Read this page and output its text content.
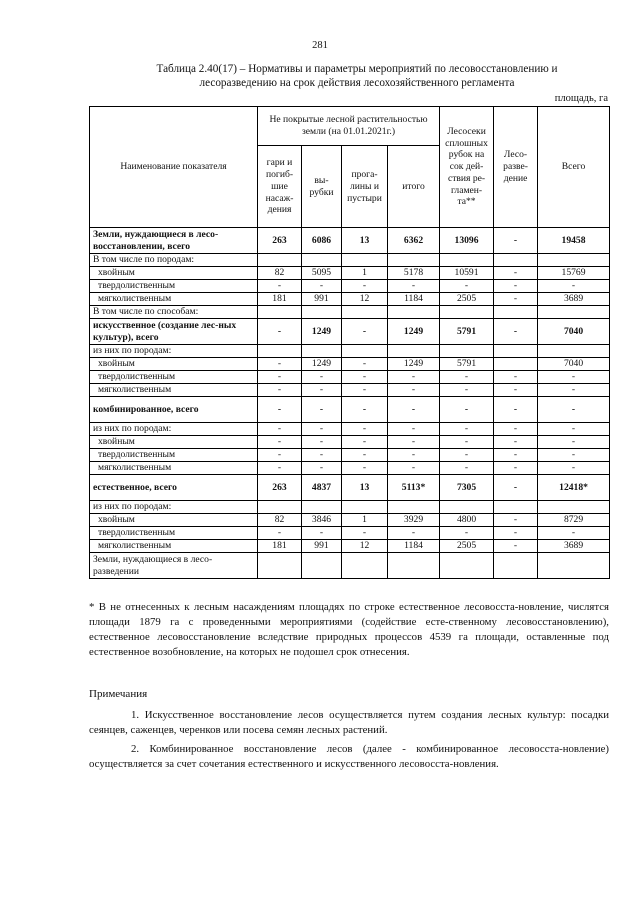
281
Таблица 2.40(17) – Нормативы и параметры мероприятий по лесовосстановлению и
лесоразведению на срок действия лесохозяйственного регламента
площадь, га
Наименование показателя	Не покрытые лесной растительностью земли (на 01.01.2021г.)				Лесосеки сплошных рубок на сок дей-ствия ре-гламен-та**	Лесо-разве-дение	Всего
	гари и погиб-шие насаж-дения	вы-рубки	прога-лины и пустыри	итого			
Земли, нуждающиеся в лесо-восстановлении, всего	263	6086	13	6362	13096	-	19458
В том числе по породам:							
хвойным	82	5095	1	5178	10591	-	15769
твердолиственным	-	-	-	-	-	-	-
мягколиственным	181	991	12	1184	2505	-	3689
В том числе по способам:							
искусственное (создание лес-ных культур), всего	-	1249	-	1249	5791	-	7040
из них по породам:							
хвойным	-	1249	-	1249	5791		7040
твердолиственным	-	-	-	-	-	-	-
мягколиственным	-	-	-	-	-	-	-
комбинированное, всего	-	-	-	-	-	-	-
из них по породам:	-	-	-	-	-	-	-
хвойным	-	-	-	-	-	-	-
твердолиственным	-	-	-	-	-	-	-
мягколиственным	-	-	-	-	-	-	-
естественное, всего	263	4837	13	5113*	7305	-	12418*
из них по породам:							
хвойным	82	3846	1	3929	4800	-	8729
твердолиственным	-	-	-	-	-	-	-
мягколиственным	181	991	12	1184	2505	-	3689
Земли, нуждающиеся в лесо-разведении							
* В не отнесенных к лесным насаждениям площадях по строке естественное лесовосста-новление, числятся площади 1879 га с проведенными мероприятиями (содействие есте-ственному лесовосстановлению), естественное лесовосстановление вследствие природных процессов 4539 га площади, оставленные под естественное возобновление, на которых не подошел срок отнесения.
Примечания
1. Искусственное восстановление лесов осуществляется путем создания лесных культур: посадки сеянцев, саженцев, черенков или посева семян лесных растений.
2. Комбинированное восстановление лесов (далее - комбинированное лесовосста-новление) осуществляется за счет сочетания естественного и искусственного лесовосста-новления.
